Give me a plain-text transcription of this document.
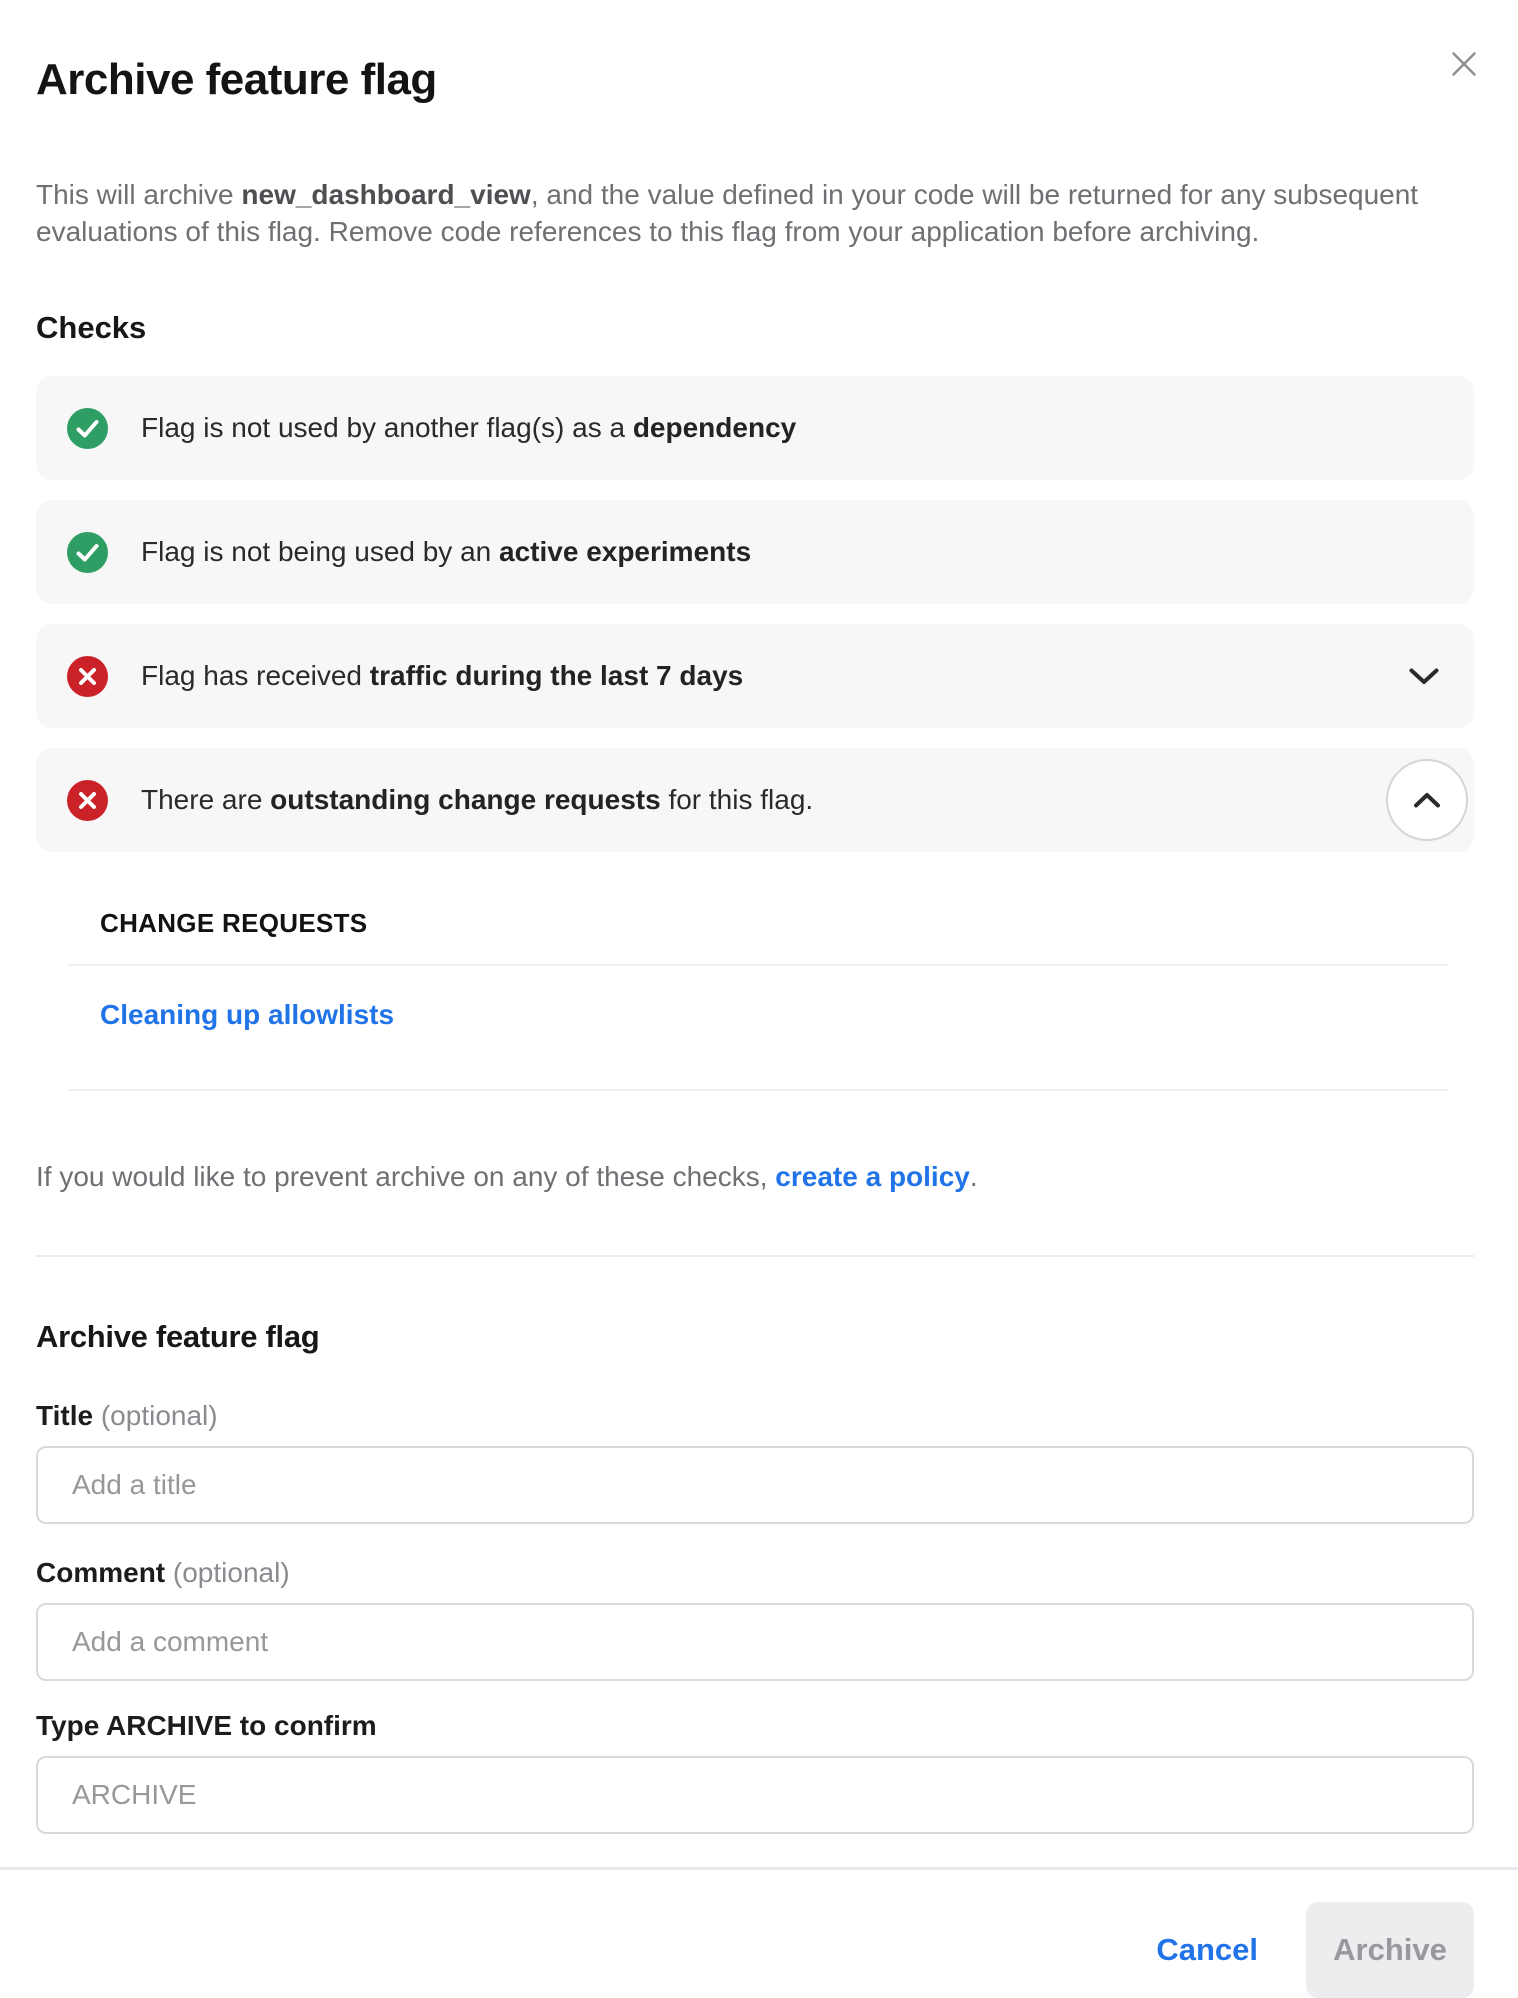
Archive feature flag

This will archive new_dashboard_view, and the value defined in your code will be returned for any subsequent evaluations of this flag. Remove code references to this flag from your application before archiving.

Checks
Flag is not used by another flag(s) as a dependency
Flag is not being used by an active experiments
Flag has received traffic during the last 7 days
There are outstanding change requests for this flag.
CHANGE REQUESTS
Cleaning up allowlists

If you would like to prevent archive on any of these checks, create a policy.

Archive feature flag
Title (optional)
Add a title
Comment (optional)
Add a comment
Type ARCHIVE to confirm
ARCHIVE
Cancel	Archive
